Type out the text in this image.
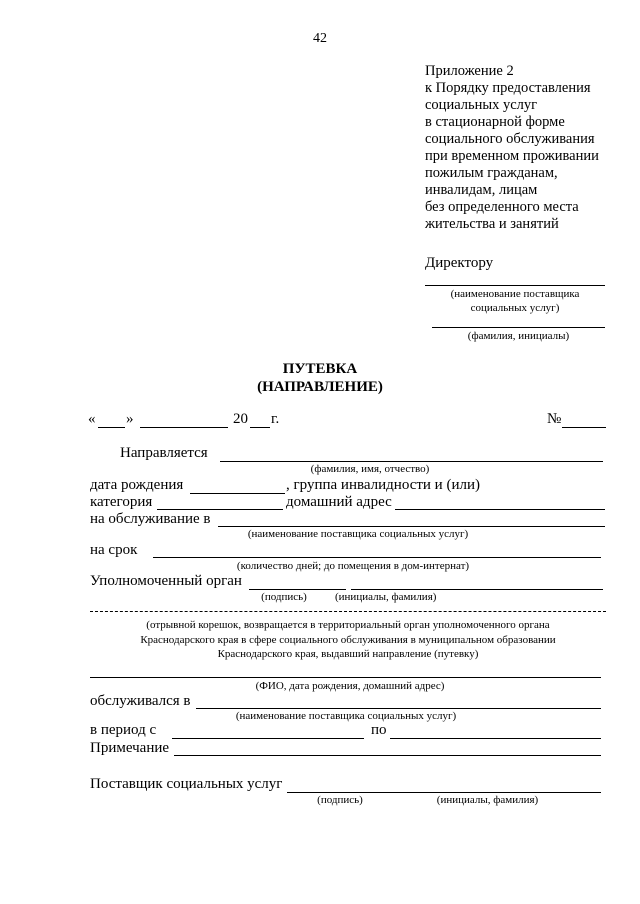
42
Приложение 2
к Порядку предоставления
социальных услуг
в стационарной форме
социального обслуживания
при временном проживании
пожилым гражданам,
инвалидам, лицам
без определенного места
жительства и занятий
Директору
(наименование поставщика
социальных услуг)
(фамилия, инициалы)
ПУТЕВКА
(НАПРАВЛЕНИЕ)
« »	20 г.	№
Направляется
(фамилия, имя, отчество)
дата рождения	, группа инвалидности и (или)
категория	домашний адрес
на обслуживание в
(наименование поставщика социальных услуг)
на срок
(количество дней; до помещения в дом-интернат)
Уполномоченный орган
(подпись)	(инициалы, фамилия)
(отрывной корешок, возвращается в территориальный орган уполномоченного органа
Краснодарского края в сфере социального обслуживания в муниципальном образовании
Краснодарского края, выдавший направление (путевку)
(ФИО, дата рождения, домашний адрес)
обслуживался в
(наименование поставщика социальных услуг)
в период с	по
Примечание
Поставщик социальных услуг
(подпись)	(инициалы, фамилия)
